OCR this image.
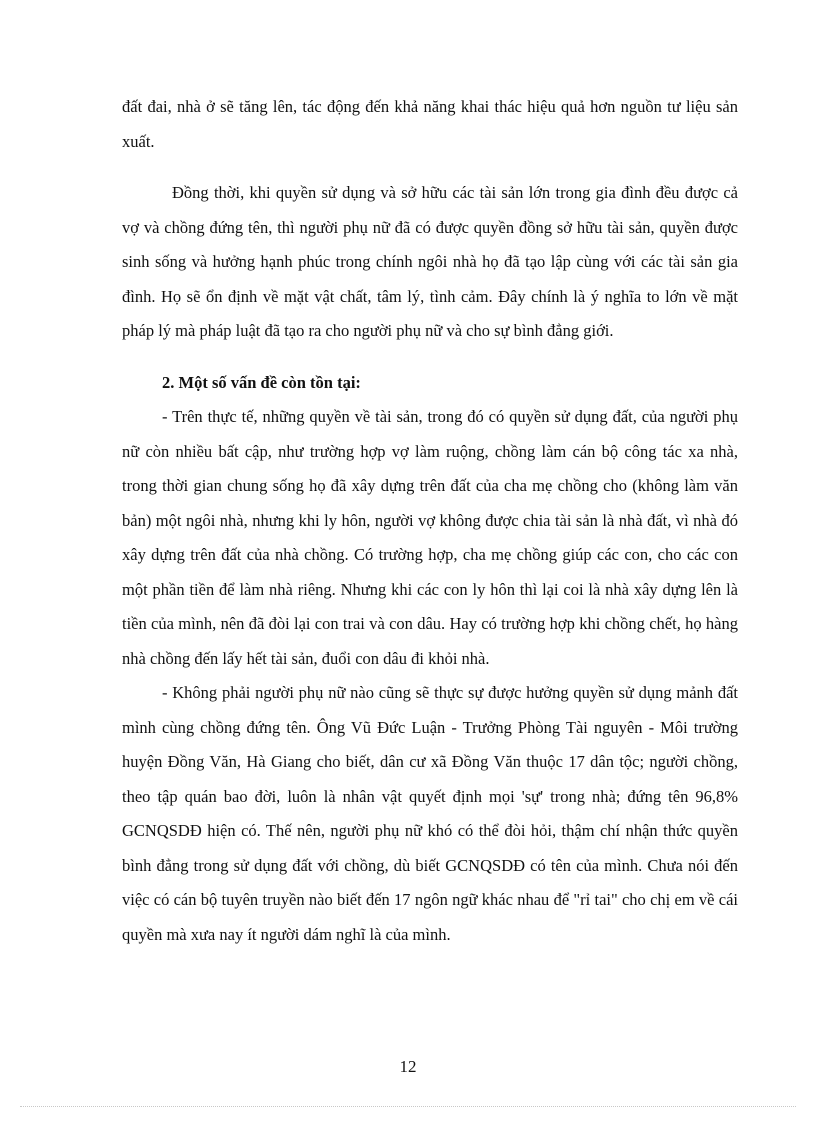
đất đai, nhà ở sẽ tăng lên, tác động đến khả năng khai thác hiệu quả hơn nguồn tư liệu sản xuất.

Đồng thời, khi quyền sử dụng và sở hữu các tài sản lớn trong gia đình đều được cả vợ và chồng đứng tên, thì người phụ nữ đã có được quyền đồng sở hữu tài sản, quyền được sinh sống và hưởng hạnh phúc trong chính ngôi nhà họ đã tạo lập cùng với các tài sản gia đình. Họ sẽ ổn định về mặt vật chất, tâm lý, tình cảm. Đây chính là ý nghĩa to lớn về mặt pháp lý mà pháp luật đã tạo ra cho người phụ nữ và cho sự bình đẳng giới.

2. Một số vấn đề còn tồn tại:

- Trên thực tế, những quyền về tài sản, trong đó có quyền sử dụng đất, của người phụ nữ còn nhiều bất cập, như trường hợp vợ làm ruộng, chồng làm cán bộ công tác xa nhà, trong thời gian chung sống họ đã xây dựng trên đất của cha mẹ chồng cho (không làm văn bản) một ngôi nhà, nhưng khi ly hôn, người vợ không được chia tài sản là nhà đất, vì nhà đó xây dựng trên đất của nhà chồng. Có trường hợp, cha mẹ chồng giúp các con, cho các con một phần tiền để làm nhà riêng. Nhưng khi các con ly hôn thì lại coi là nhà xây dựng lên là tiền của mình, nên đã đòi lại con trai và con dâu. Hay có trường hợp khi chồng chết, họ hàng nhà chồng đến lấy hết tài sản, đuổi con dâu đi khỏi nhà.

- Không phải người phụ nữ nào cũng sẽ thực sự được hưởng quyền sử dụng mảnh đất mình cùng chồng đứng tên. Ông Vũ Đức Luận - Trưởng Phòng Tài nguyên - Môi trường huyện Đồng Văn, Hà Giang cho biết, dân cư xã Đồng Văn thuộc 17 dân tộc; người chồng, theo tập quán bao đời, luôn là nhân vật quyết định mọi 'sự' trong nhà; đứng tên 96,8% GCNQSDĐ hiện có. Thế nên, người phụ nữ khó có thể đòi hỏi, thậm chí nhận thức quyền bình đẳng trong sử dụng đất với chồng, dù biết GCNQSDĐ có tên của mình. Chưa nói đến việc có cán bộ tuyên truyền nào biết đến 17 ngôn ngữ khác nhau để "rỉ tai" cho chị em về cái quyền mà xưa nay ít người dám nghĩ là của mình.

12
